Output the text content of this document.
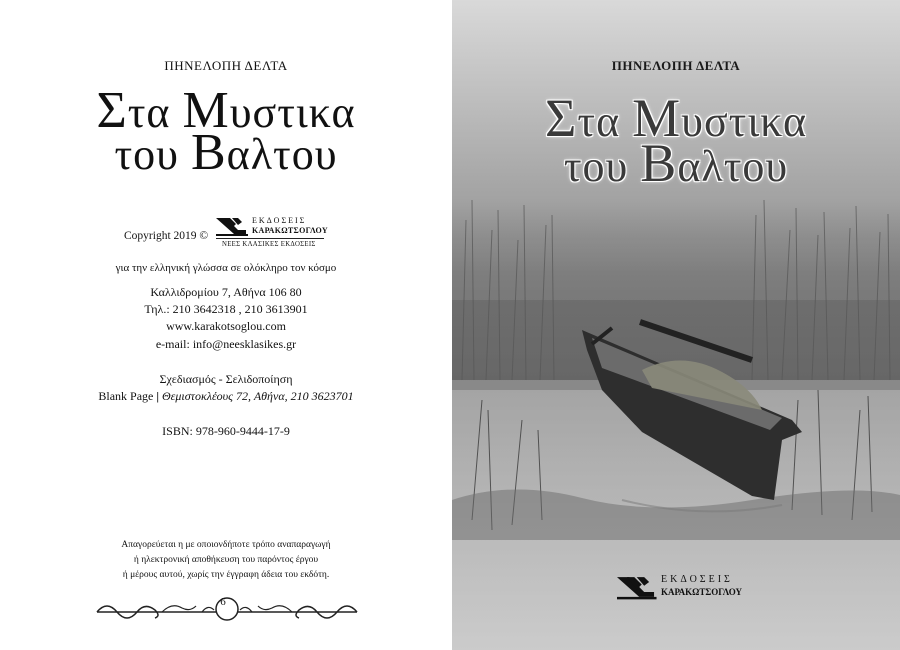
ΠΗΝΕΛΟΠΗ ΔΕΛΤΑ
Στα Μυστικα
του Βαλτου
Copyright 2019 ©
ΕΚΔΟΣΕΙΣ
ΚΑΡΑΚΩΤΣΟΓΛΟΥ
ΝΕΕΣ ΚΛΑΣΙΚΕΣ ΕΚΔΟΣΕΙΣ
για την ελληνική γλώσσα σε ολόκληρο τον κόσμο
Καλλιδρομίου 7, Αθήνα 106 80
Τηλ.: 210 3642318 , 210 3613901
www.karakotsoglou.com
e-mail: info@neesklasikes.gr
Σχεδιασμός - Σελιδοποίηση
Blank Page | Θεμιστοκλέους 72, Αθήνα, 210 3623701
ISBN: 978-960-9444-17-9
Απαγορεύεται η με οποιονδήποτε τρόπο αναπαραγωγή
ή ηλεκτρονική αποθήκευση του παρόντος έργου
ή μέρους αυτού, χωρίς την έγγραφη άδεια του εκδότη.
6
ΠΗΝΕΛΟΠΗ ΔΕΛΤΑ
Στα Μυστικα
του Βαλτου
ΕΚΔΟΣΕΙΣ
ΚΑΡΑΚΩΤΣΟΓΛΟΥ
